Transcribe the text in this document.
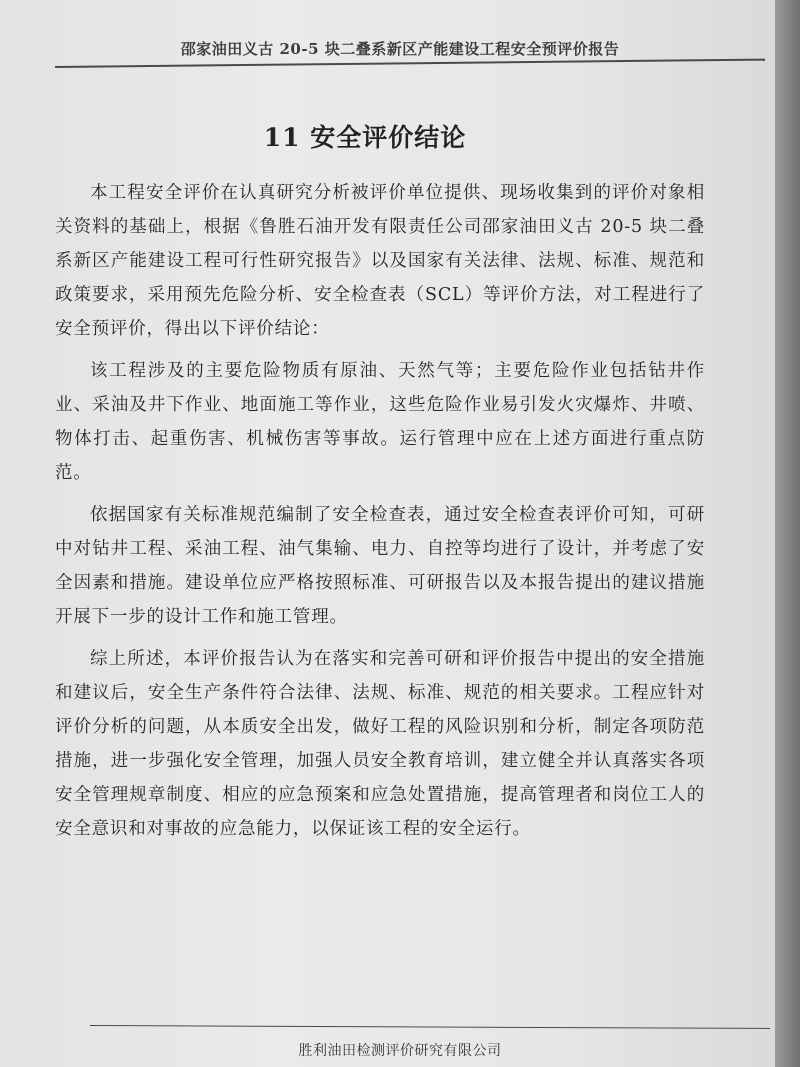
邵家油田义古 20-5 块二叠系新区产能建设工程安全预评价报告
11 安全评价结论

本工程安全评价在认真研究分析被评价单位提供、现场收集到的评价对象相关资料的基础上，根据《鲁胜石油开发有限责任公司邵家油田义古 20-5 块二叠系新区产能建设工程可行性研究报告》以及国家有关法律、法规、标准、规范和政策要求，采用预先危险分析、安全检查表（SCL）等评价方法，对工程进行了安全预评价，得出以下评价结论：

该工程涉及的主要危险物质有原油、天然气等；主要危险作业包括钻井作业、采油及井下作业、地面施工等作业，这些危险作业易引发火灾爆炸、井喷、物体打击、起重伤害、机械伤害等事故。运行管理中应在上述方面进行重点防范。

依据国家有关标准规范编制了安全检查表，通过安全检查表评价可知，可研中对钻井工程、采油工程、油气集输、电力、自控等均进行了设计，并考虑了安全因素和措施。建设单位应严格按照标准、可研报告以及本报告提出的建议措施开展下一步的设计工作和施工管理。

综上所述，本评价报告认为在落实和完善可研和评价报告中提出的安全措施和建议后，安全生产条件符合法律、法规、标准、规范的相关要求。工程应针对评价分析的问题，从本质安全出发，做好工程的风险识别和分析，制定各项防范措施，进一步强化安全管理，加强人员安全教育培训，建立健全并认真落实各项安全管理规章制度、相应的应急预案和应急处置措施，提高管理者和岗位工人的安全意识和对事故的应急能力，以保证该工程的安全运行。

胜利油田检测评价研究有限公司
